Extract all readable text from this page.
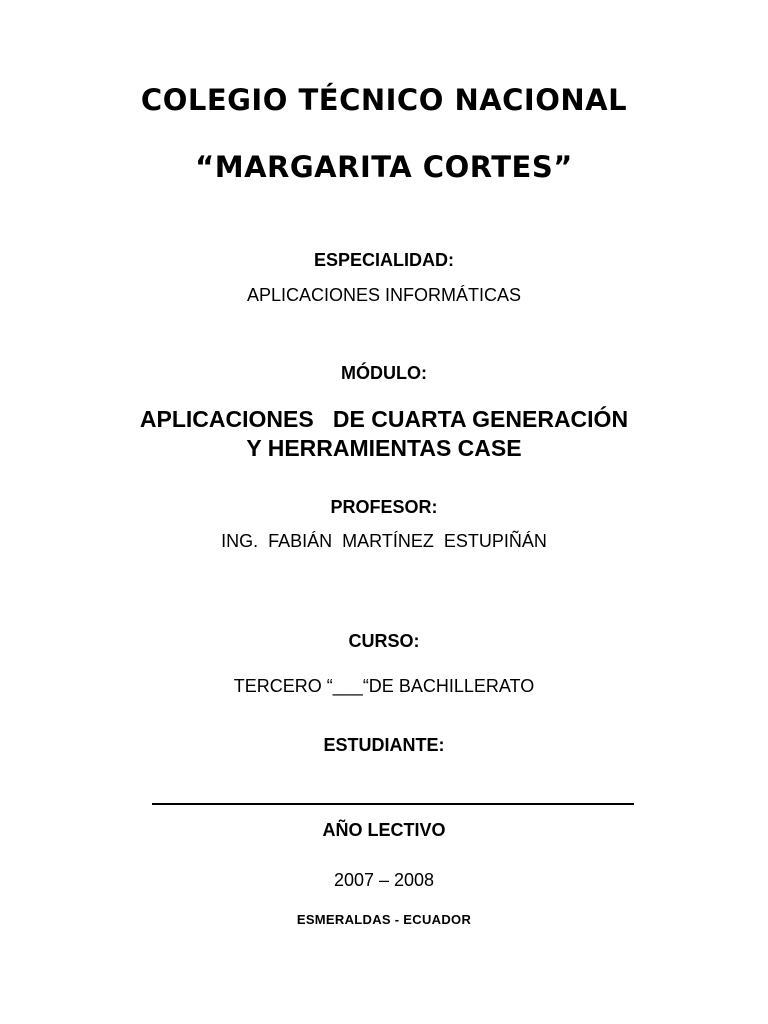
COLEGIO TÉCNICO NACIONAL
“MARGARITA CORTES”
ESPECIALIDAD:
APLICACIONES INFORMÁTICAS
MÓDULO:
APLICACIONES   DE CUARTA GENERACIÓN
Y HERRAMIENTAS CASE
PROFESOR:
ING.  FABIÁN  MARTÍNEZ  ESTUPIÑÁN
CURSO:
TERCERO “___“DE BACHILLERATO
ESTUDIANTE:
AÑO LECTIVO
2007 – 2008
ESMERALDAS - ECUADOR
